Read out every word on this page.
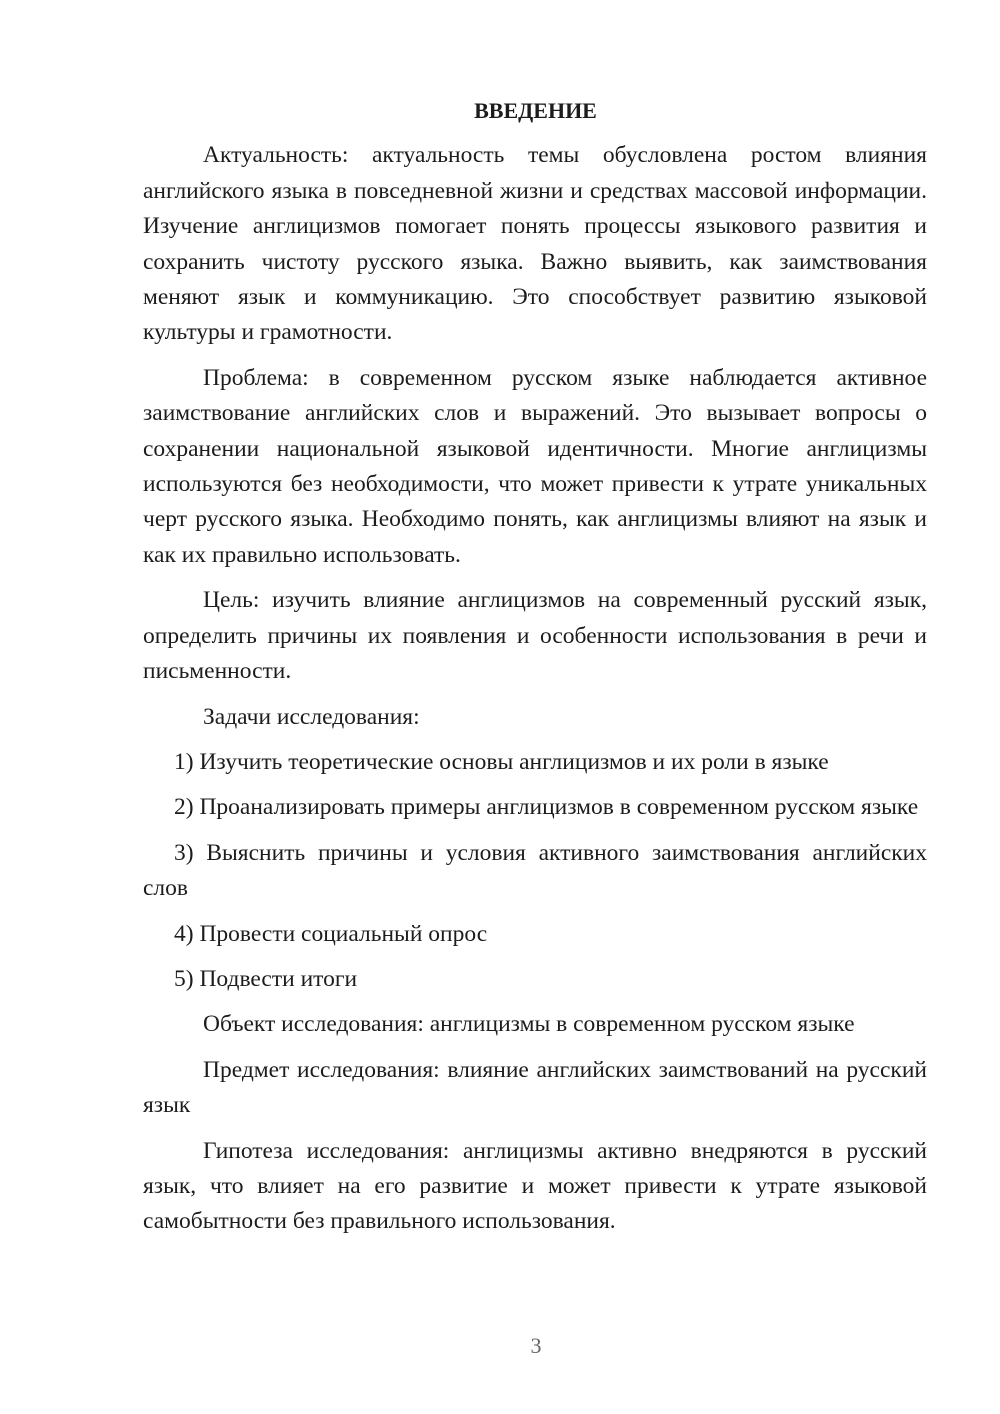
ВВЕДЕНИЕ

Актуальность: актуальность темы обусловлена ростом влияния английского языка в повседневной жизни и средствах массовой информации. Изучение англицизмов помогает понять процессы языкового развития и сохранить чистоту русского языка. Важно выявить, как заимствования меняют язык и коммуникацию. Это способствует развитию языковой культуры и грамотности.

Проблема: в современном русском языке наблюдается активное заимствование английских слов и выражений. Это вызывает вопросы о сохранении национальной языковой идентичности. Многие англицизмы используются без необходимости, что может привести к утрате уникальных черт русского языка. Необходимо понять, как англицизмы влияют на язык и как их правильно использовать.

Цель: изучить влияние англицизмов на современный русский язык, определить причины их появления и особенности использования в речи и письменности.

Задачи исследования:

1) Изучить теоретические основы англицизмов и их роли в языке

2) Проанализировать примеры англицизмов в современном русском языке

3) Выяснить причины и условия активного заимствования английских слов

4) Провести социальный опрос

5) Подвести итоги

Объект исследования: англицизмы в современном русском языке

Предмет исследования: влияние английских заимствований на русский язык

Гипотеза исследования: англицизмы активно внедряются в русский язык, что влияет на его развитие и может привести к утрате языковой самобытности без правильного использования.

3
